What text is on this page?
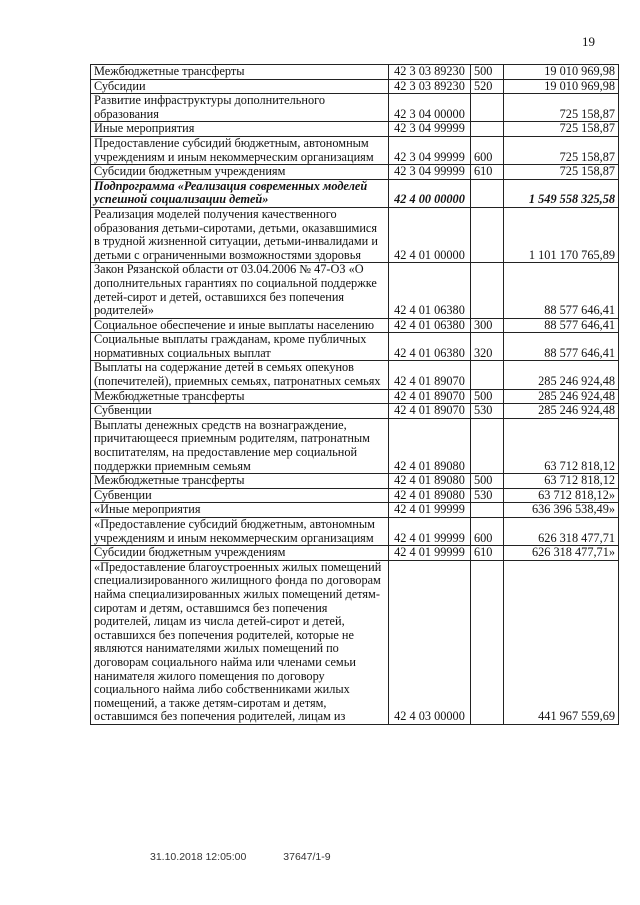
19
Межбюджетные трансферты	42 3 03 89230	500	19 010 969,98
Субсидии	42 3 03 89230	520	19 010 969,98
Развитие инфраструктуры дополнительного образования	42 3 04 00000		725 158,87
Иные мероприятия	42 3 04 99999		725 158,87
Предоставление субсидий бюджетным, автономным учреждениям и иным некоммерческим организациям	42 3 04 99999	600	725 158,87
Субсидии бюджетным учреждениям	42 3 04 99999	610	725 158,87
Подпрограмма «Реализация современных моделей успешной социализации детей»	42 4 00 00000		1 549 558 325,58
Реализация моделей получения качественного образования детьми-сиротами, детьми, оказавшимися в трудной жизненной ситуации, детьми-инвалидами и детьми с ограниченными возможностями здоровья	42 4 01 00000		1 101 170 765,89
Закон Рязанской области от 03.04.2006 № 47-ОЗ «О дополнительных гарантиях по социальной поддержке детей-сирот и детей, оставшихся без попечения родителей»	42 4 01 06380		88 577 646,41
Социальное обеспечение и иные выплаты населению	42 4 01 06380	300	88 577 646,41
Социальные выплаты гражданам, кроме публичных нормативных социальных выплат	42 4 01 06380	320	88 577 646,41
Выплаты на содержание детей в семьях опекунов (попечителей), приемных семьях, патронатных семьях	42 4 01 89070		285 246 924,48
Межбюджетные трансферты	42 4 01 89070	500	285 246 924,48
Субвенции	42 4 01 89070	530	285 246 924,48
Выплаты денежных средств на вознаграждение, причитающееся приемным родителям, патронатным воспитателям, на предоставление мер социальной поддержки приемным семьям	42 4 01 89080		63 712 818,12
Межбюджетные трансферты	42 4 01 89080	500	63 712 818,12
Субвенции	42 4 01 89080	530	63 712 818,12»
«Иные мероприятия	42 4 01 99999		636 396 538,49»
«Предоставление субсидий бюджетным, автономным учреждениям и иным некоммерческим организациям	42 4 01 99999	600	626 318 477,71
Субсидии бюджетным учреждениям	42 4 01 99999	610	626 318 477,71»
«Предоставление благоустроенных жилых помещений специализированного жилищного фонда по договорам найма специализированных жилых помещений детям-сиротам и детям, оставшимся без попечения родителей, лицам из числа детей-сирот и детей, оставшихся без попечения родителей, которые не являются нанимателями жилых помещений по договорам социального найма или членами семьи нанимателя жилого помещения по договору социального найма либо собственниками жилых помещений, а также детям-сиротам и детям, оставшимся без попечения родителей, лицам из	42 4 03 00000		441 967 559,69
31.10.2018 12:05:00	37647/1-9
